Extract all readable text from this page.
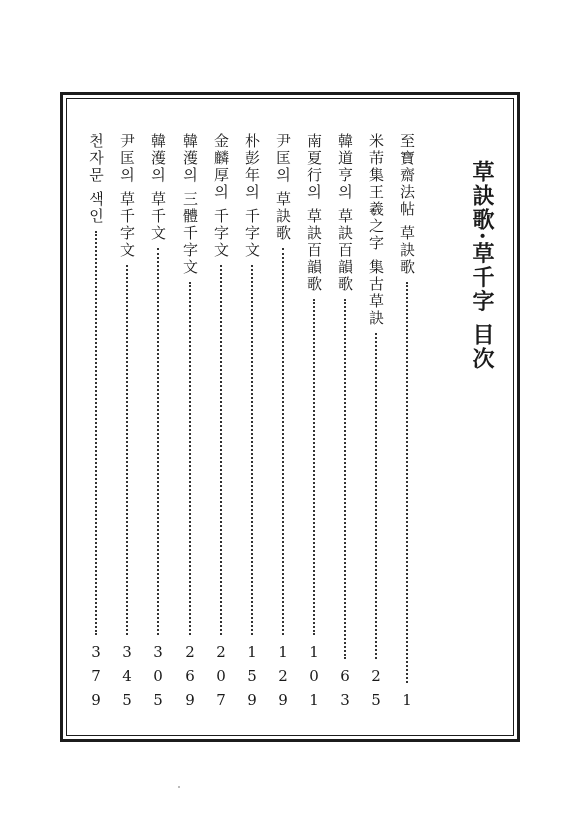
草訣歌·草千字 目次
至寶齋法帖 草訣歌
1
米芾集王羲之字 集古草訣
25
韓道亨의 草訣百韻歌
63
南夏行의 草訣百韻歌
101
尹匡의 草訣歌
129
朴彭年의 千字文
159
金麟厚의 千字文
207
韓濩의 三體千字文
269
韓濩의 草千文
305
尹匡의 草千字文
345
천자문 색인
379
